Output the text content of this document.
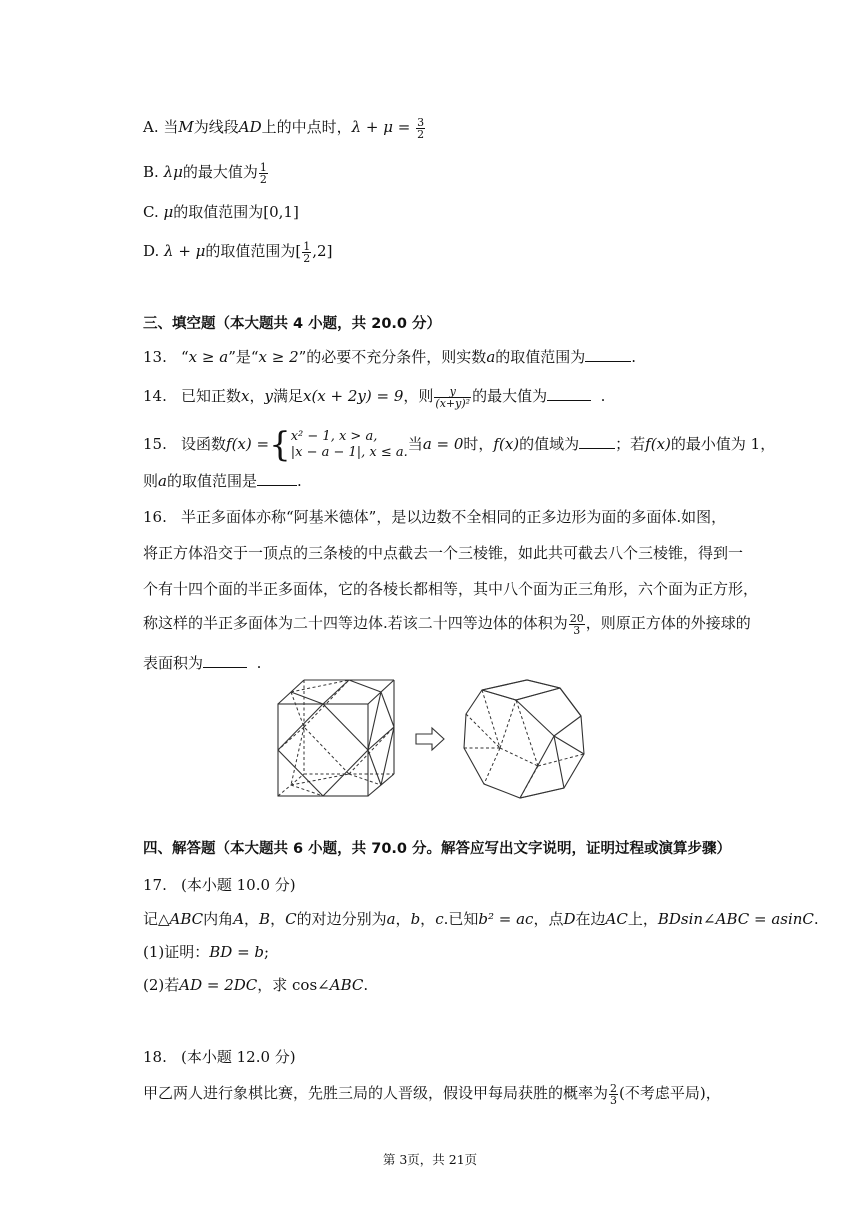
A. 当M为线段AD上的中点时，$\lambda + \mu = \frac{3}{2}$
B. λμ的最大值为 $\frac{1}{2}$
C. μ的取值范围为[0,1]
D. λ + μ的取值范围为[ $\frac{1}{2} ,2$]
三、填空题（本大题共 4 小题，共 20.0 分）
13. “x ≥ a”是“x ≥ 2”的必要不充分条件，则实数a的取值范围为	.
14. 已知正数x，y满足x(x + 2y) = 9，则 $\frac{y}{\text{(x+y)²}}$ 的最大值为	.
15. 设函数f(x) ={ x² − 1, x > a,
|x − a − 1|, x ≤ a. 当a = 0时，f(x)的值域为 ；若f(x)的最小值为 1，
则a的取值范围是	.
16. 半正多面体亦称“阿基米德体”，是以边数不全相同的正多边形为面的多面体.如图，
将正方体沿交于一顶点的三条棱的中点截去一个三棱锥，如此共可截去八个三棱锥，得到一
个有十四个面的半正多面体，它的各棱长都相等，其中八个面为正三角形，六个面为正方形，
称这样的半正多面体为二十四等边体.若该二十四等边体的体积为 $\frac{20}{3}$ ，则原正方体的外接球的
表面积为	.
四、解答题（本大题共 6 小题，共 70.0 分。解答应写出文字说明，证明过程或演算步骤）
17. (本小题 10.0 分)
记△ABC内角A，B，C的对边分别为a，b，c.已知b² = ac，点D在边AC上，BDsin∠ABC = asinC.
(1)证明：BD = b;
(2)若AD = 2DC，求 cos∠ABC.
18. (本小题 12.0 分)
甲乙两人进行象棋比赛，先胜三局的人晋级，假设甲每局获胜的概率为 $\frac{2}{3}$ (不考虑平局)，
第 3页，共 21页
